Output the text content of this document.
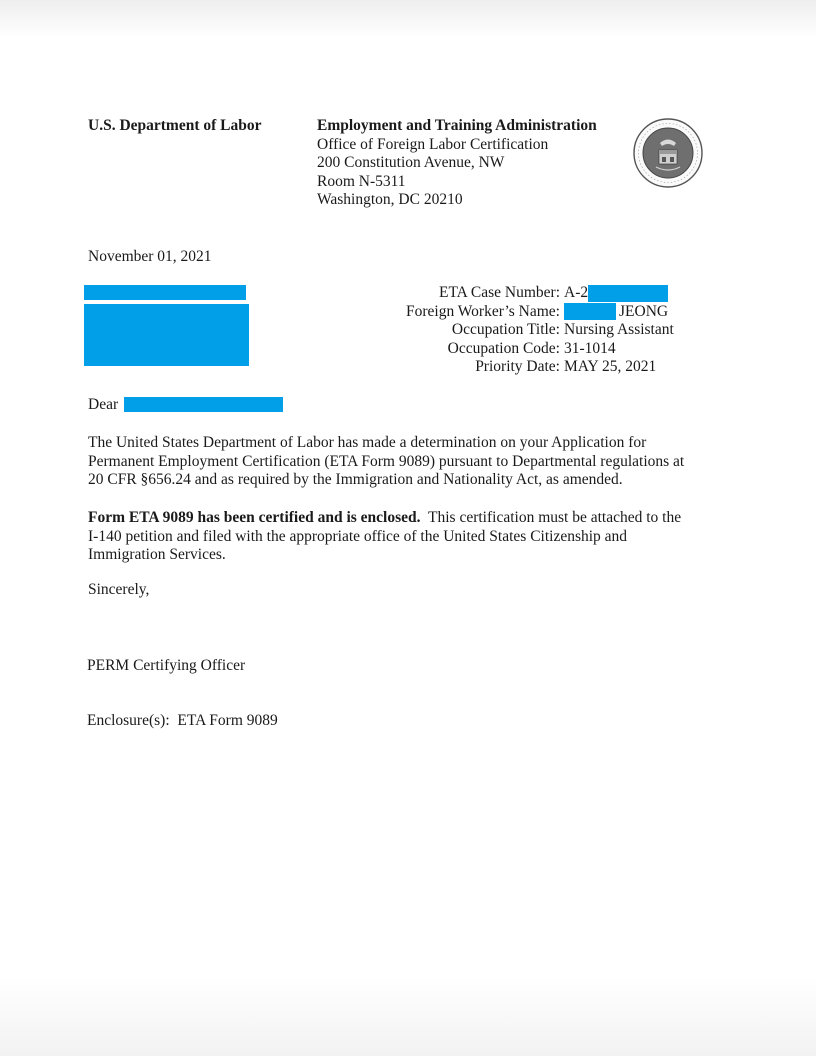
U.S. Department of Labor	Employment and Training Administration
Office of Foreign Labor Certification
200 Constitution Avenue, NW
Room N-5311
Washington, DC 20210
November 01, 2021
ETA Case Number: A-2
Foreign Worker’s Name:	JEONG
Occupation Title: Nursing Assistant
Occupation Code: 31-1014
Priority Date: MAY 25, 2021
Dear
The United States Department of Labor has made a determination on your Application for
Permanent Employment Certification (ETA Form 9089) pursuant to Departmental regulations at
20 CFR §656.24 and as required by the Immigration and Nationality Act, as amended.
Form ETA 9089 has been certified and is enclosed. This certification must be attached to the
I-140 petition and filed with the appropriate office of the United States Citizenship and
Immigration Services.
Sincerely,
PERM Certifying Officer
Enclosure(s):  ETA Form 9089
